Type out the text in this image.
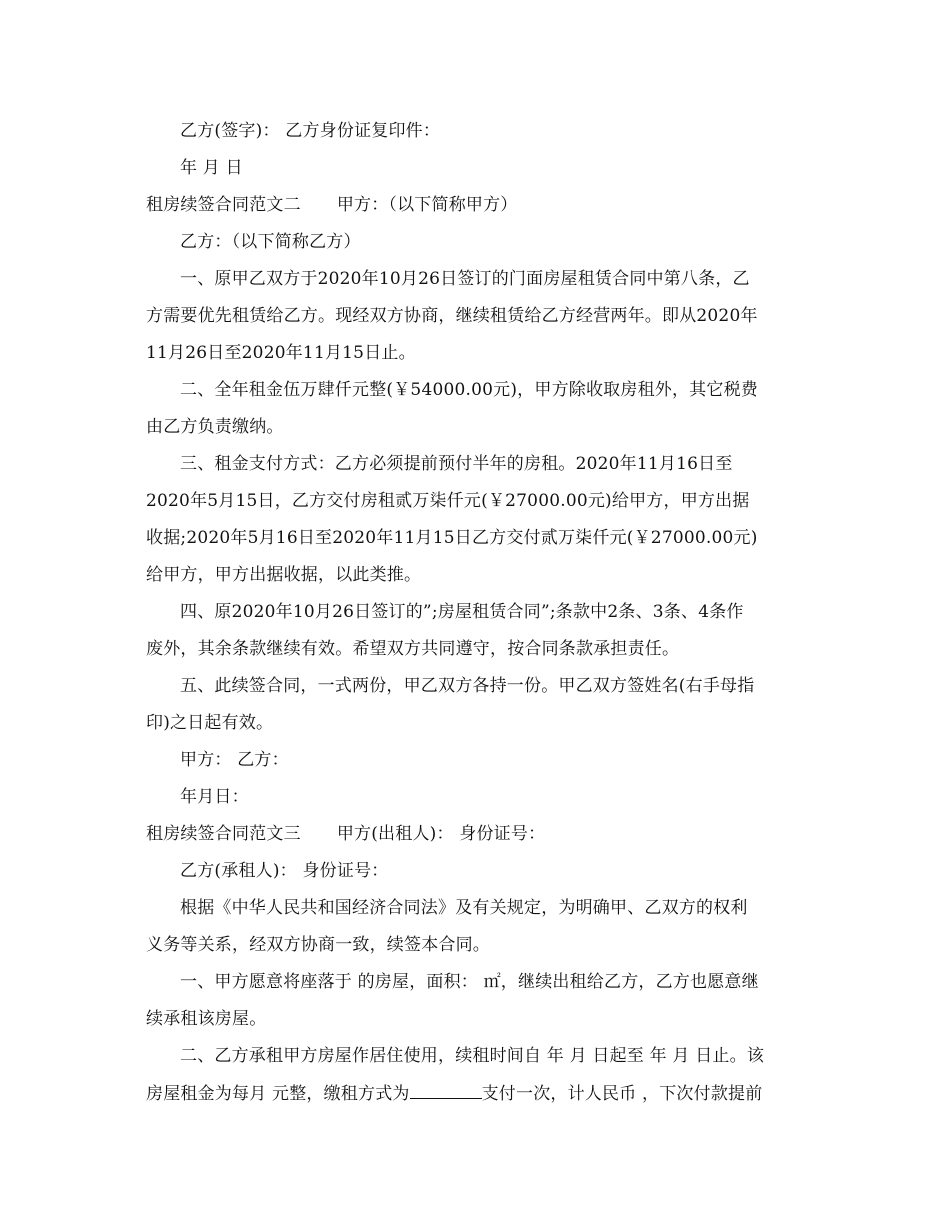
乙方(签字)： 乙方身份证复印件：
年 月 日
租房续签合同范文二 甲方：（以下简称甲方）
乙方：（以下简称乙方）
一、原甲乙双方于2020年10月26日签订的门面房屋租赁合同中第八条，乙
方需要优先租赁给乙方。现经双方协商，继续租赁给乙方经营两年。即从2020年
11月26日至2020年11月15日止。
二、全年租金伍万肆仟元整(￥54000.00元)，甲方除收取房租外，其它税费
由乙方负责缴纳。
三、租金支付方式：乙方必须提前预付半年的房租。2020年11月16日至
2020年5月15日，乙方交付房租贰万柒仟元(￥27000.00元)给甲方，甲方出据
收据;2020年5月16日至2020年11月15日乙方交付贰万柒仟元(￥27000.00元)
给甲方，甲方出据收据，以此类推。
四、原2020年10月26日签订的”;房屋租赁合同”;条款中2条、3条、4条作
废外，其余条款继续有效。希望双方共同遵守，按合同条款承担责任。
五、此续签合同，一式两份，甲乙双方各持一份。甲乙双方签姓名(右手母指
印)之日起有效。
甲方： 乙方：
年月日：
租房续签合同范文三 甲方(出租人)： 身份证号：
乙方(承租人)： 身份证号：
根据《中华人民共和国经济合同法》及有关规定，为明确甲、乙双方的权利
义务等关系，经双方协商一致，续签本合同。
一、甲方愿意将座落于 的房屋，面积： ㎡，继续出租给乙方，乙方也愿意继
续承租该房屋。
二、乙方承租甲方房屋作居住使用，续租时间自 年 月 日起至 年 月 日止。该
房屋租金为每月 元整，缴租方式为	支付一次，计人民币 ，下次付款提前
